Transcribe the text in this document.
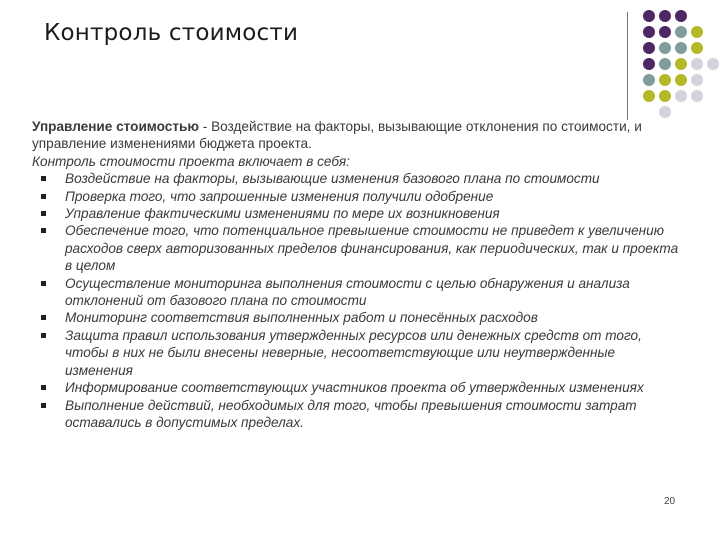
Контроль стоимости

Управление стоимостью - Воздействие на факторы, вызывающие отклонения по стоимости, и управление изменениями бюджета проекта.

Контроль стоимости проекта включает в себя:

Воздействие на факторы, вызывающие изменения базового плана по стоимости
Проверка того, что запрошенные изменения получили одобрение
Управление фактическими изменениями по мере их возникновения
Обеспечение того, что потенциальное превышение стоимости не приведет к увеличению расходов сверх авторизованных пределов финансирования, как периодических, так и проекта в целом
Осуществление мониторинга выполнения стоимости с целью обнаружения и анализа отклонений от базового плана по стоимости
Мониторинг соответствия выполненных работ и понесённых расходов
Защита правил использования утвержденных ресурсов или денежных средств от того, чтобы в них не были внесены неверные, несоответствующие или неутвержденные изменения
Информирование соответствующих участников проекта об утвержденных изменениях
Выполнение действий, необходимых для того, чтобы превышения стоимости затрат оставались в допустимых пределах.
20
